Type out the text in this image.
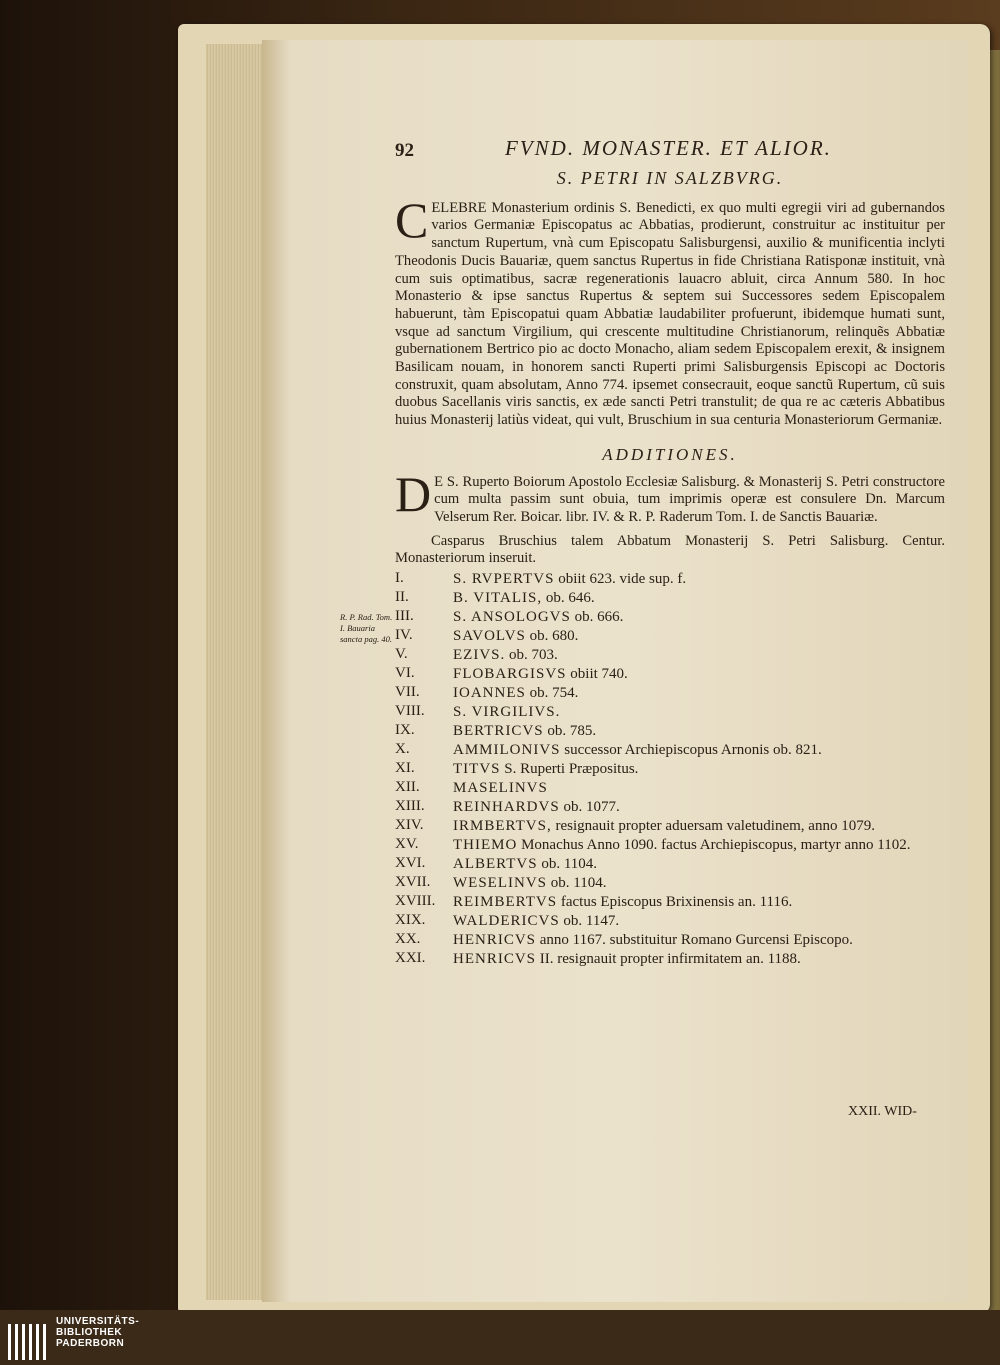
92	FVND. MONASTER. ET ALIOR.
S. PETRI IN SALZBVRG.

CELEBRE Monasterium ordinis S. Benedicti, ex quo multi egregii viri ad gubernandos varios Germaniæ Episcopatus ac Abbatias, prodierunt, construitur ac instituitur per sanctum Rupertum, vnà cum Episcopatu Salisburgensi, auxilio & munificentia inclyti Theodonis Ducis Bauariæ, quem sanctus Rupertus in fide Christiana Ratisponæ instituit, vnà cum suis optimatibus, sacræ regenerationis lauacro abluit, circa Annum 580. In hoc Monasterio & ipse sanctus Rupertus & septem sui Successores sedem Episcopalem habuerunt, tàm Episcopatui quam Abbatiæ laudabiliter profuerunt, ibidemque humati sunt, vsque ad sanctum Virgilium, qui crescente multitudine Christianorum, relinquẽs Abbatiæ gubernationem Bertrico pio ac docto Monacho, aliam sedem Episcopalem erexit, & insignem Basilicam nouam, in honorem sancti Ruperti primi Salisburgensis Episcopi ac Doctoris construxit, quam absolutam, Anno 774. ipsemet consecrauit, eoque sanctũ Rupertum, cũ suis duobus Sacellanis viris sanctis, ex æde sancti Petri transtulit; de qua re ac cæteris Abbatibus huius Monasterij latiùs videat, qui vult, Bruschium in sua centuria Monasteriorum Germaniæ.

ADDITIONES.

D E S. Ruperto Boiorum Apostolo Ecclesiæ Salisburg. & Monasterij S. Petri constructore cum multa passim sunt obuia, tum imprimis operæ est consulere Dn. Marcum Velserum Rer. Boicar. libr. IV. & R. P. Raderum Tom. I. de Sanctis Bauariæ.

Casparus Bruschius talem Abbatum Monasterij S. Petri Salisburg. Centur. Monasteriorum inseruit.

I.	S. RVPERTVS obiit 623. vide sup. f.
II.	B. VITALIS, ob. 646.
III.	S. ANSOLOGVS ob. 666.
IV.	SAVOLVS ob. 680.
V.	EZIVS. ob. 703.
VI.	FLOBARGISVS obiit 740.
VII.	IOANNES ob. 754.
VIII.	S. VIRGILIVS.
IX.	BERTRICVS ob. 785.
X.	AMMILONIVS successor Archiepiscopus Arnonis ob. 821.
XI.	TITVS S. Ruperti Præpositus.
XII.	MASELINVS
XIII.	REINHARDVS ob. 1077.
XIV.	IRMBERTVS, resignauit propter aduersam valetudinem, anno 1079.
XV.	THIEMO Monachus Anno 1090. factus Archiepiscopus, martyr anno 1102.
XVI.	ALBERTVS ob. 1104.
XVII.	WESELINVS ob. 1104.
XVIII.	REIMBERTVS factus Episcopus Brixinensis an. 1116.
XIX.	WALDERICVS ob. 1147.
XX.	HENRICVS anno 1167. substituitur Romano Gurcensi Episcopo.
XXI.	HENRICVS II. resignauit propter infirmitatem an. 1188.
R. P. Rad. Tom. I. Bauaria sancta pag. 40.
XXII. WID-
UNIVERSITÄTS-
BIBLIOTHEK
PADERBORN
